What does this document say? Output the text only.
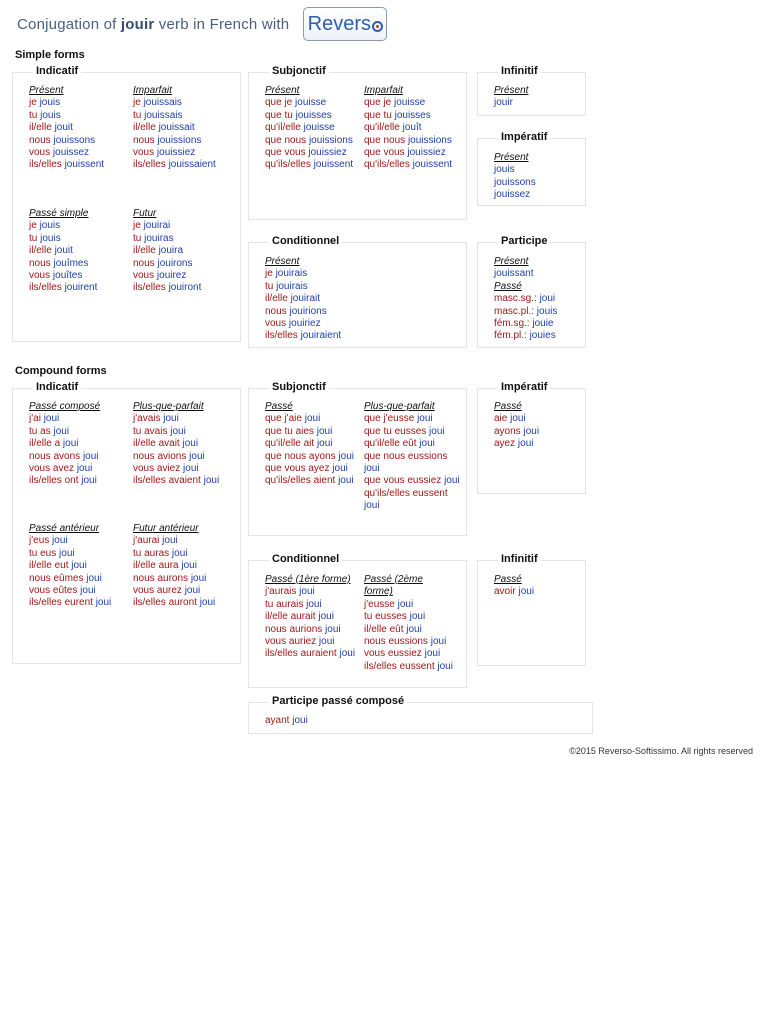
Conjugation of jouir verb in French with Revers
Simple forms
Indicatif
Présent
je jouis
tu jouis
il/elle jouit
nous jouissons
vous jouissez
ils/elles jouissent
Imparfait
je jouissais
tu jouissais
il/elle jouissait
nous jouissions
vous jouissiez
ils/elles jouissaient
Passé simple
je jouis
tu jouis
il/elle jouit
nous jouîmes
vous jouîtes
ils/elles jouirent
Futur
je jouirai
tu jouiras
il/elle jouira
nous jouirons
vous jouirez
ils/elles jouiront
Subjonctif
Présent
que je jouisse
que tu jouisses
qu'il/elle jouisse
que nous jouissions
que vous jouissiez
qu'ils/elles jouissent
Imparfait
que je jouisse
que tu jouisses
qu'il/elle jouît
que nous jouissions
que vous jouissiez
qu'ils/elles jouissent
Infinitif
Présent
jouir
Impératif
Présent
jouis
jouissons
jouissez
Conditionnel
Présent
je jouirais
tu jouirais
il/elle jouirait
nous jouirions
vous jouiriez
ils/elles jouiraient
Participe
Présent
jouissant
Passé
masc.sg.: joui
masc.pl.: jouis
fém.sg.: jouie
fém.pl.: jouies
Compound forms
Indicatif
Passé composé
j'ai joui
tu as joui
il/elle a joui
nous avons joui
vous avez joui
ils/elles ont joui
Plus-que-parfait
j'avais joui
tu avais joui
il/elle avait joui
nous avions joui
vous aviez joui
ils/elles avaient joui
Passé antérieur
j'eus joui
tu eus joui
il/elle eut joui
nous eûmes joui
vous eûtes joui
ils/elles eurent joui
Futur antérieur
j'aurai joui
tu auras joui
il/elle aura joui
nous aurons joui
vous aurez joui
ils/elles auront joui
Subjonctif
Passé
que j'aie joui
que tu aies joui
qu'il/elle ait joui
que nous ayons joui
que vous ayez joui
qu'ils/elles aient joui
Plus-que-parfait
que j'eusse joui
que tu eusses joui
qu'il/elle eût joui
que nous eussions joui
que vous eussiez joui
qu'ils/elles eussent joui
Impératif
Passé
aie joui
ayons joui
ayez joui
Conditionnel
Passé (1ère forme)
j'aurais joui
tu aurais joui
il/elle aurait joui
nous aurions joui
vous auriez joui
ils/elles auraient joui
Passé (2ème forme)
j'eusse joui
tu eusses joui
il/elle eût joui
nous eussions joui
vous eussiez joui
ils/elles eussent joui
Infinitif
Passé
avoir joui
Participe passé composé
ayant joui
©2015 Reverso-Softissimo. All rights reserved
